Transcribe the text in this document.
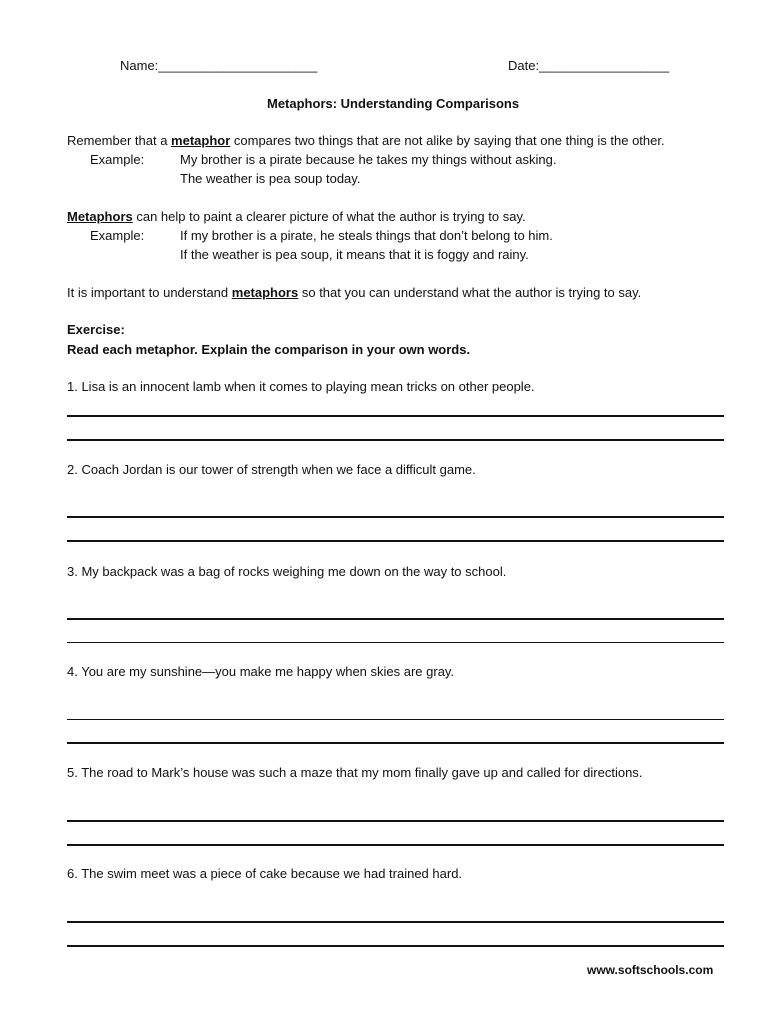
Name:______________________	Date:__________________
Metaphors: Understanding Comparisons
Remember that a metaphor compares two things that are not alike by saying that one thing is the other.
Example:	My brother is a pirate because he takes my things without asking.
The weather is pea soup today.
Metaphors can help to paint a clearer picture of what the author is trying to say.
Example:	If my brother is a pirate, he steals things that don’t belong to him.
If the weather is pea soup, it means that it is foggy and rainy.
It is important to understand metaphors so that you can understand what the author is trying to say.
Exercise:
Read each metaphor. Explain the comparison in your own words.
1. Lisa is an innocent lamb when it comes to playing mean tricks on other people.
2. Coach Jordan is our tower of strength when we face a difficult game.
3. My backpack was a bag of rocks weighing me down on the way to school.
4. You are my sunshine—you make me happy when skies are gray.
5. The road to Mark’s house was such a maze that my mom finally gave up and called for directions.
6. The swim meet was a piece of cake because we had trained hard.
www.softschools.com
